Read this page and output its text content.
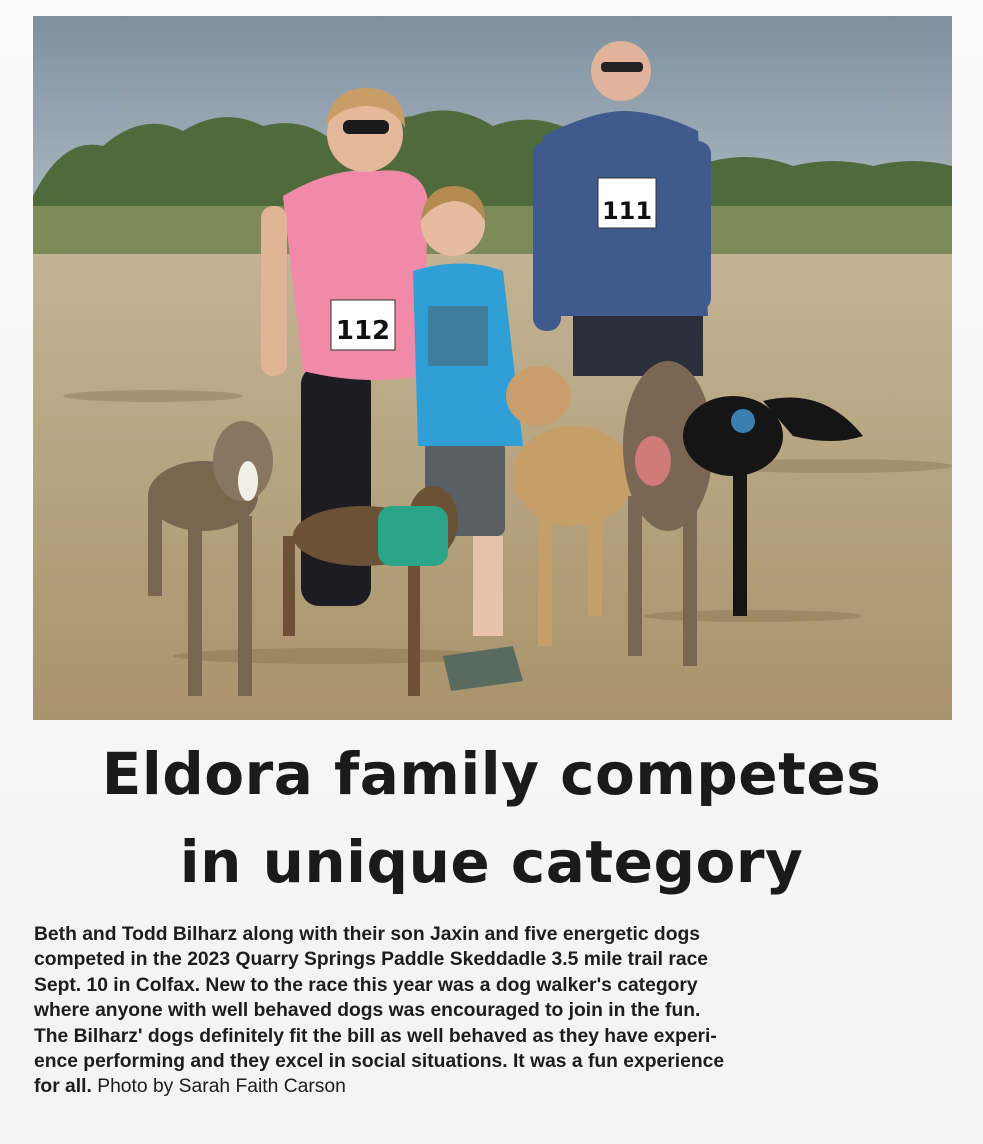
112
111
Eldora family competes
in unique category
Beth and Todd Bilharz along with their son Jaxin and five energetic dogs
competed in the 2023 Quarry Springs Paddle Skeddadle 3.5 mile trail race
Sept. 10 in Colfax. New to the race this year was a dog walker's category
where anyone with well behaved dogs was encouraged to join in the fun.
The Bilharz' dogs definitely fit the bill as well behaved as they have experi-
ence performing and they excel in social situations. It was a fun experience
for all. Photo by Sarah Faith Carson
